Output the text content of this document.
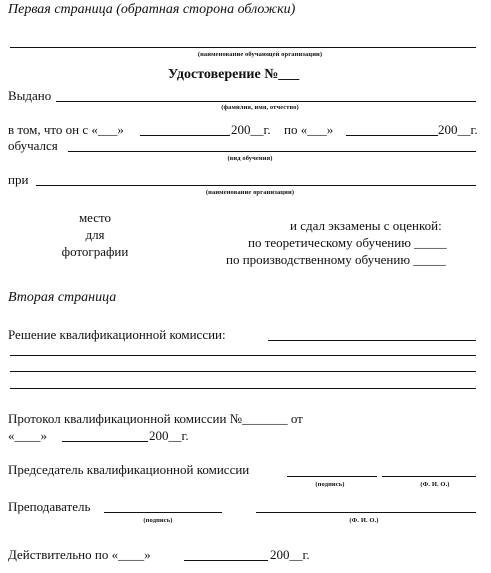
Первая страница (обратная сторона обложки)
(наименование обучающей организации)
Удостоверение №___
Выдано
(фамилия, имя, отчество)
в том, что он с «___»	200__г. по «___»	200__г.
обучался
(вид обучения)
при
(наименование организации)
место
для
фотографии
и сдал экзамены с оценкой:
по теоретическому обучению _____
по производственному обучению _____
Вторая страница
Решение квалификационной комиссии:
Протокол квалификационной комиссии №_______ от
«____»	200__г.
Председатель квалификационной комиссии
(подпись)	(Ф. И. О.)
Преподаватель
(подпись)	(Ф. И. О.)
Действительно по «____»	200__г.
